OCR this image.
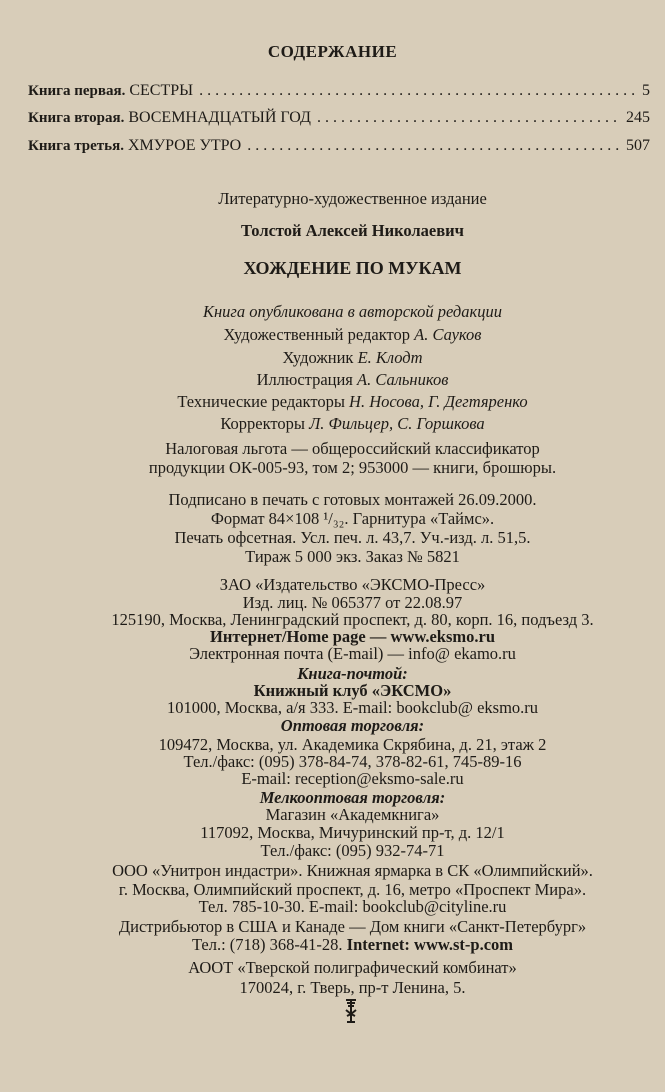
СОДЕРЖАНИЕ
Книга первая. СЕСТРЫ . . .	5
Книга вторая. ВОСЕМНАДЦАТЫЙ ГОД . . .	245
Книга третья. ХМУРОЕ УТРО . . .	507
Литературно-художественное издание
Толстой Алексей Николаевич
ХОЖДЕНИЕ ПО МУКАМ
Книга опубликована в авторской редакции
Художественный редактор А. Сауков
Художник Е. Клодт
Иллюстрация А. Сальников
Технические редакторы Н. Носова, Г. Дегтяренко
Корректоры Л. Фильцер, С. Горшкова
Налоговая льгота — общероссийский классификатор
продукции ОК-005-93, том 2; 953000 — книги, брошюры.
Подписано в печать с готовых монтажей 26.09.2000.
Формат 84×108 ¹/₃₂. Гарнитура «Таймс».
Печать офсетная. Усл. печ. л. 43,7. Уч.-изд. л. 51,5.
Тираж 5 000 экз. Заказ № 5821
ЗАО «Издательство «ЭКСМО-Пресс»
Изд. лиц. № 065377 от 22.08.97
125190, Москва, Ленинградский проспект, д. 80, корп. 16, подъезд 3.
Интернет/Home page — www.eksmo.ru
Электронная почта (E-mail) — info@ ekamo.ru
Книга-почтой:
Книжный клуб «ЭКСМО»
101000, Москва, а/я 333. E-mail: bookclub@ eksmo.ru
Оптовая торговля:
109472, Москва, ул. Академика Скрябина, д. 21, этаж 2
Тел./факс: (095) 378-84-74, 378-82-61, 745-89-16
E-mail: reception@eksmo-sale.ru
Мелкооптовая торговля:
Магазин «Академкнига»
117092, Москва, Мичуринский пр-т, д. 12/1
Тел./факс: (095) 932-74-71
ООО «Унитрон индастри». Книжная ярмарка в СК «Олимпийский».
г. Москва, Олимпийский проспект, д. 16, метро «Проспект Мира».
Тел. 785-10-30. E-mail: bookclub@cityline.ru
Дистрибьютор в США и Канаде — Дом книги «Санкт-Петербург»
Тел.: (718) 368-41-28. Internet: www.st-p.com
АООТ «Тверской полиграфический комбинат»
170024, г. Тверь, пр-т Ленина, 5.
